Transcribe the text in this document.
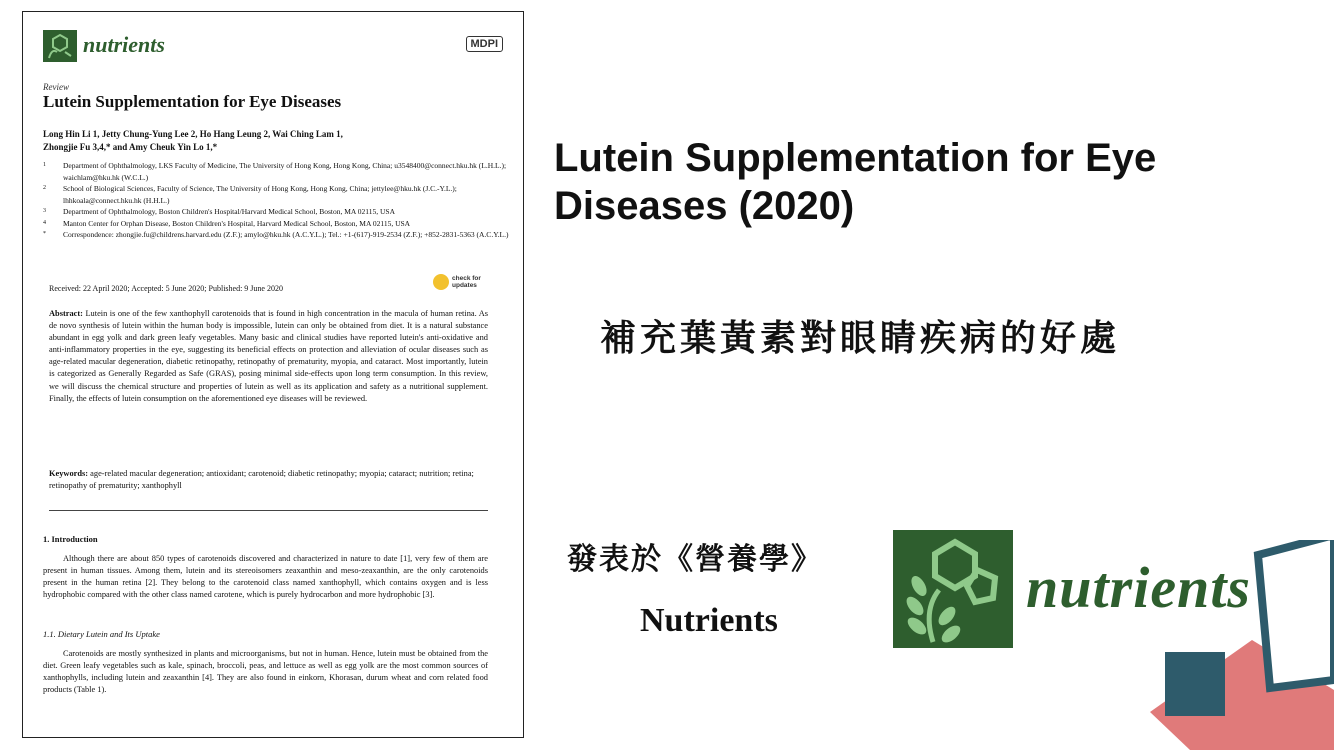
nutrients	MDPI
Review
Lutein Supplementation for Eye Diseases
Long Hin Li 1, Jetty Chung-Yung Lee 2, Ho Hang Leung 2, Wai Ching Lam 1,
Zhongjie Fu 3,4,* and Amy Cheuk Yin Lo 1,*
1	Department of Ophthalmology, LKS Faculty of Medicine, The University of Hong Kong, Hong Kong, China; u3548400@connect.hku.hk (L.H.L.); waichlam@hku.hk (W.C.L.)
2	School of Biological Sciences, Faculty of Science, The University of Hong Kong, Hong Kong, China; jettylee@hku.hk (J.C.-Y.L.); lhhkoala@connect.hku.hk (H.H.L.)
3	Department of Ophthalmology, Boston Children's Hospital/Harvard Medical School, Boston, MA 02115, USA
4	Manton Center for Orphan Disease, Boston Children's Hospital, Harvard Medical School, Boston, MA 02115, USA
*	Correspondence: zhongjie.fu@childrens.harvard.edu (Z.F.); amylo@hku.hk (A.C.Y.L.); Tel.: +1-(617)-919-2534 (Z.F.); +852-2831-5363 (A.C.Y.L.)
Received: 22 April 2020; Accepted: 5 June 2020; Published: 9 June 2020
check for
updates
Abstract: Lutein is one of the few xanthophyll carotenoids that is found in high concentration in the macula of human retina. As de novo synthesis of lutein within the human body is impossible, lutein can only be obtained from diet. It is a natural substance abundant in egg yolk and dark green leafy vegetables. Many basic and clinical studies have reported lutein's anti-oxidative and anti-inflammatory properties in the eye, suggesting its beneficial effects on protection and alleviation of ocular diseases such as age-related macular degeneration, diabetic retinopathy, retinopathy of prematurity, myopia, and cataract. Most importantly, lutein is categorized as Generally Regarded as Safe (GRAS), posing minimal side-effects upon long term consumption. In this review, we will discuss the chemical structure and properties of lutein as well as its application and safety as a nutritional supplement. Finally, the effects of lutein consumption on the aforementioned eye diseases will be reviewed.
Keywords: age-related macular degeneration; antioxidant; carotenoid; diabetic retinopathy; myopia; cataract; nutrition; retina; retinopathy of prematurity; xanthophyll
1. Introduction
Although there are about 850 types of carotenoids discovered and characterized in nature to date [1], very few of them are present in human tissues. Among them, lutein and its stereoisomers zeaxanthin and meso-zeaxanthin, are the only carotenoids present in the human retina [2]. They belong to the carotenoid class named xanthophyll, which contains oxygen and is less hydrophobic compared with the other class named carotene, which is purely hydrocarbon and more hydrophobic [3].
1.1. Dietary Lutein and Its Uptake
Carotenoids are mostly synthesized in plants and microorganisms, but not in human. Hence, lutein must be obtained from the diet. Green leafy vegetables such as kale, spinach, broccoli, peas, and lettuce as well as egg yolk are the most common sources of xanthophylls, including lutein and zeaxanthin [4]. They are also found in einkorn, Khorasan, durum wheat and corn related food products (Table 1).
Lutein Supplementation for Eye Diseases (2020)
補充葉黃素對眼睛疾病的好處
發表於《營養學》
Nutrients
nutrients
